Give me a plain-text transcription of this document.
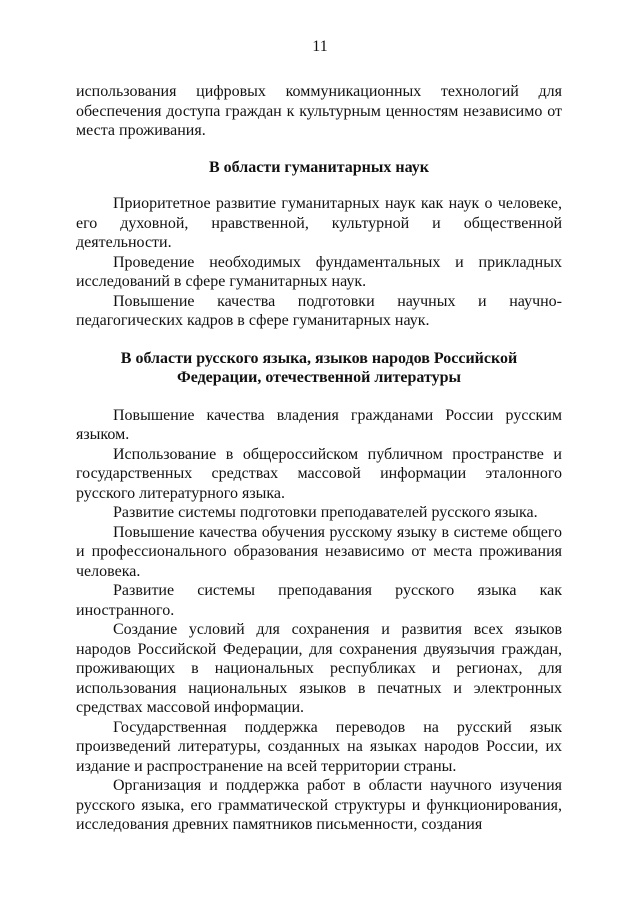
11

использования цифровых коммуникационных технологий для обеспечения доступа граждан к культурным ценностям независимо от места проживания.

В области гуманитарных наук

Приоритетное развитие гуманитарных наук как наук о человеке, его духовной, нравственной, культурной и общественной деятельности.

Проведение необходимых фундаментальных и прикладных исследований в сфере гуманитарных наук.

Повышение качества подготовки научных и научно-педагогических кадров в сфере гуманитарных наук.

В области русского языка, языков народов Российской
Федерации, отечественной литературы

Повышение качества владения гражданами России русским языком.

Использование в общероссийском публичном пространстве и государственных средствах массовой информации эталонного русского литературного языка.

Развитие системы подготовки преподавателей русского языка.

Повышение качества обучения русскому языку в системе общего и профессионального образования независимо от места проживания человека.

Развитие системы преподавания русского языка как иностранного.

Создание условий для сохранения и развития всех языков народов Российской Федерации, для сохранения двуязычия граждан, проживающих в национальных республиках и регионах, для использования национальных языков в печатных и электронных средствах массовой информации.

Государственная поддержка переводов на русский язык произведений литературы, созданных на языках народов России, их издание и распространение на всей территории страны.

Организация и поддержка работ в области научного изучения русского языка, его грамматической структуры и функционирования, исследования древних памятников письменности, создания
